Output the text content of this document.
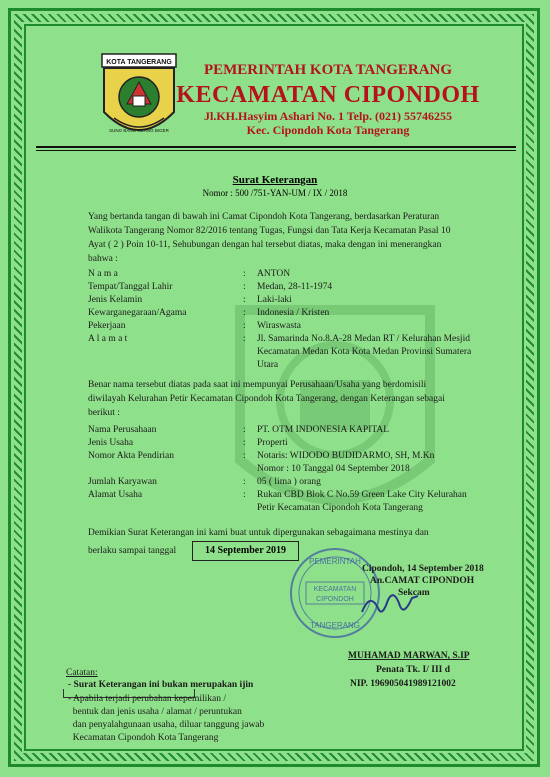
KOTA TANGERANG
SUNG BANO GEANG BIGER
PEMERINTAH KOTA TANGERANG
KECAMATAN CIPONDOH
Jl.KH.Hasyim Ashari No. 1 Telp. (021) 55746255
Kec. Cipondoh Kota Tangerang
Surat Keterangan
Nomor : 500 /751-YAN-UM / IX / 2018
Yang bertanda tangan di bawah ini Camat Cipondoh Kota Tangerang, berdasarkan Peraturan
Walikota Tangerang Nomor 82/2016 tentang Tugas, Fungsi dan Tata Kerja Kecamatan Pasal 10
Ayat ( 2 ) Poin 10-11, Sehubungan dengan hal tersebut diatas, maka dengan ini menerangkan
bahwa :
N a m a	: ANTON
Tempat/Tanggal Lahir	: Medan, 28-11-1974
Jenis Kelamin	: Laki-laki
Kewarganegaraan/Agama	: Indonesia / Kristen
Pekerjaan	: Wiraswasta
A l a m a t	: Jl. Samarinda No.8.A-28 Medan RT / Kelurahan Mesjid
Kecamatan Medan Kota Kota Medan Provinsi Sumatera
Utara
Benar nama tersebut diatas pada saat ini mempunyai Perusahaan/Usaha yang berdomisili
diwilayah Kelurahan Petir Kecamatan Cipondoh Kota Tangerang, dengan Keterangan sebagai
berikut :
Nama Perusahaan	: PT. OTM INDONESIA KAPITAL
Jenis Usaha	: Properti
Nomor Akta Pendirian	: Notaris: WIDODO BUDIDARMO, SH, M.Kn
Nomor : 10 Tanggal 04 September 2018
Jumlah Karyawan	: 05 ( lima ) orang
Alamat Usaha	: Rukan CBD Blok C No.59 Green Lake City Kelurahan
Petir Kecamatan Cipondoh Kota Tangerang
Demikian Surat Keterangan ini kami buat untuk dipergunakan sebagaimana mestinya dan
berlaku sampai tanggal	14 September 2019
PEMERINTAH
KECAMATAN
CIPONDOH
TANGERANG
Cipondoh, 14 September 2018
An.CAMAT CIPONDOH
Sekcam
MUHAMAD MARWAN, S.IP
Penata Tk. I/ III d
NIP. 196905041989121002
Catatan:
- Surat Keterangan ini bukan merupakan ijin
- Apabila terjadi perubahan kepemilikan /
bentuk dan jenis usaha / alamat / peruntukan
dan penyalahgunaan usaha, diluar tanggung jawab
Kecamatan Cipondoh Kota Tangerang
